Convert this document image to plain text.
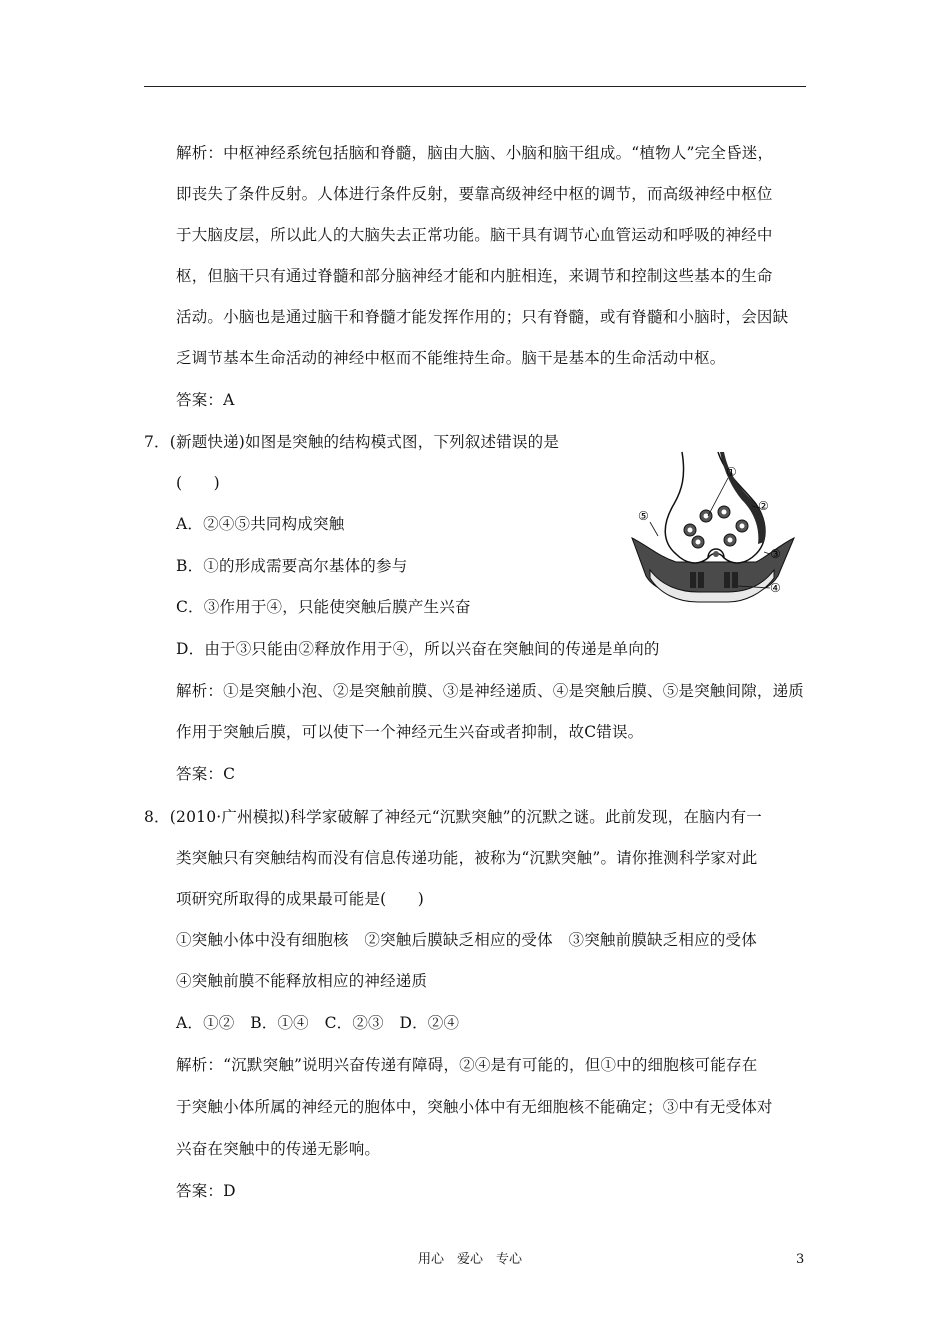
解析：中枢神经系统包括脑和脊髓，脑由大脑、小脑和脑干组成。“植物人”完全昏迷，
即丧失了条件反射。人体进行条件反射，要靠高级神经中枢的调节，而高级神经中枢位
于大脑皮层，所以此人的大脑失去正常功能。脑干具有调节心血管运动和呼吸的神经中
枢，但脑干只有通过脊髓和部分脑神经才能和内脏相连，来调节和控制这些基本的生命
活动。小脑也是通过脑干和脊髓才能发挥作用的；只有脊髓，或有脊髓和小脑时，会因缺
乏调节基本生命活动的神经中枢而不能维持生命。脑干是基本的生命活动中枢。
答案：A
7．(新题快递)如图是突触的结构模式图，下列叙述错误的是
(　　)
A．②④⑤共同构成突触
B．①的形成需要高尔基体的参与
C．③作用于④，只能使突触后膜产生兴奋
D．由于③只能由②释放作用于④，所以兴奋在突触间的传递是单向的
解析：①是突触小泡、②是突触前膜、③是神经递质、④是突触后膜、⑤是突触间隙，递质
作用于突触后膜，可以使下一个神经元生兴奋或者抑制，故C错误。
答案：C
①
②
③
④
⑤
8．(2010·广州模拟)科学家破解了神经元“沉默突触”的沉默之谜。此前发现，在脑内有一
类突触只有突触结构而没有信息传递功能，被称为“沉默突触”。请你推测科学家对此
项研究所取得的成果最可能是(　　)
①突触小体中没有细胞核　②突触后膜缺乏相应的受体　③突触前膜缺乏相应的受体
④突触前膜不能释放相应的神经递质
A．①②　B．①④　C．②③　D．②④
解析：“沉默突触”说明兴奋传递有障碍，②④是有可能的，但①中的细胞核可能存在
于突触小体所属的神经元的胞体中，突触小体中有无细胞核不能确定；③中有无受体对
兴奋在突触中的传递无影响。
答案：D
用心　爱心　专心	3
